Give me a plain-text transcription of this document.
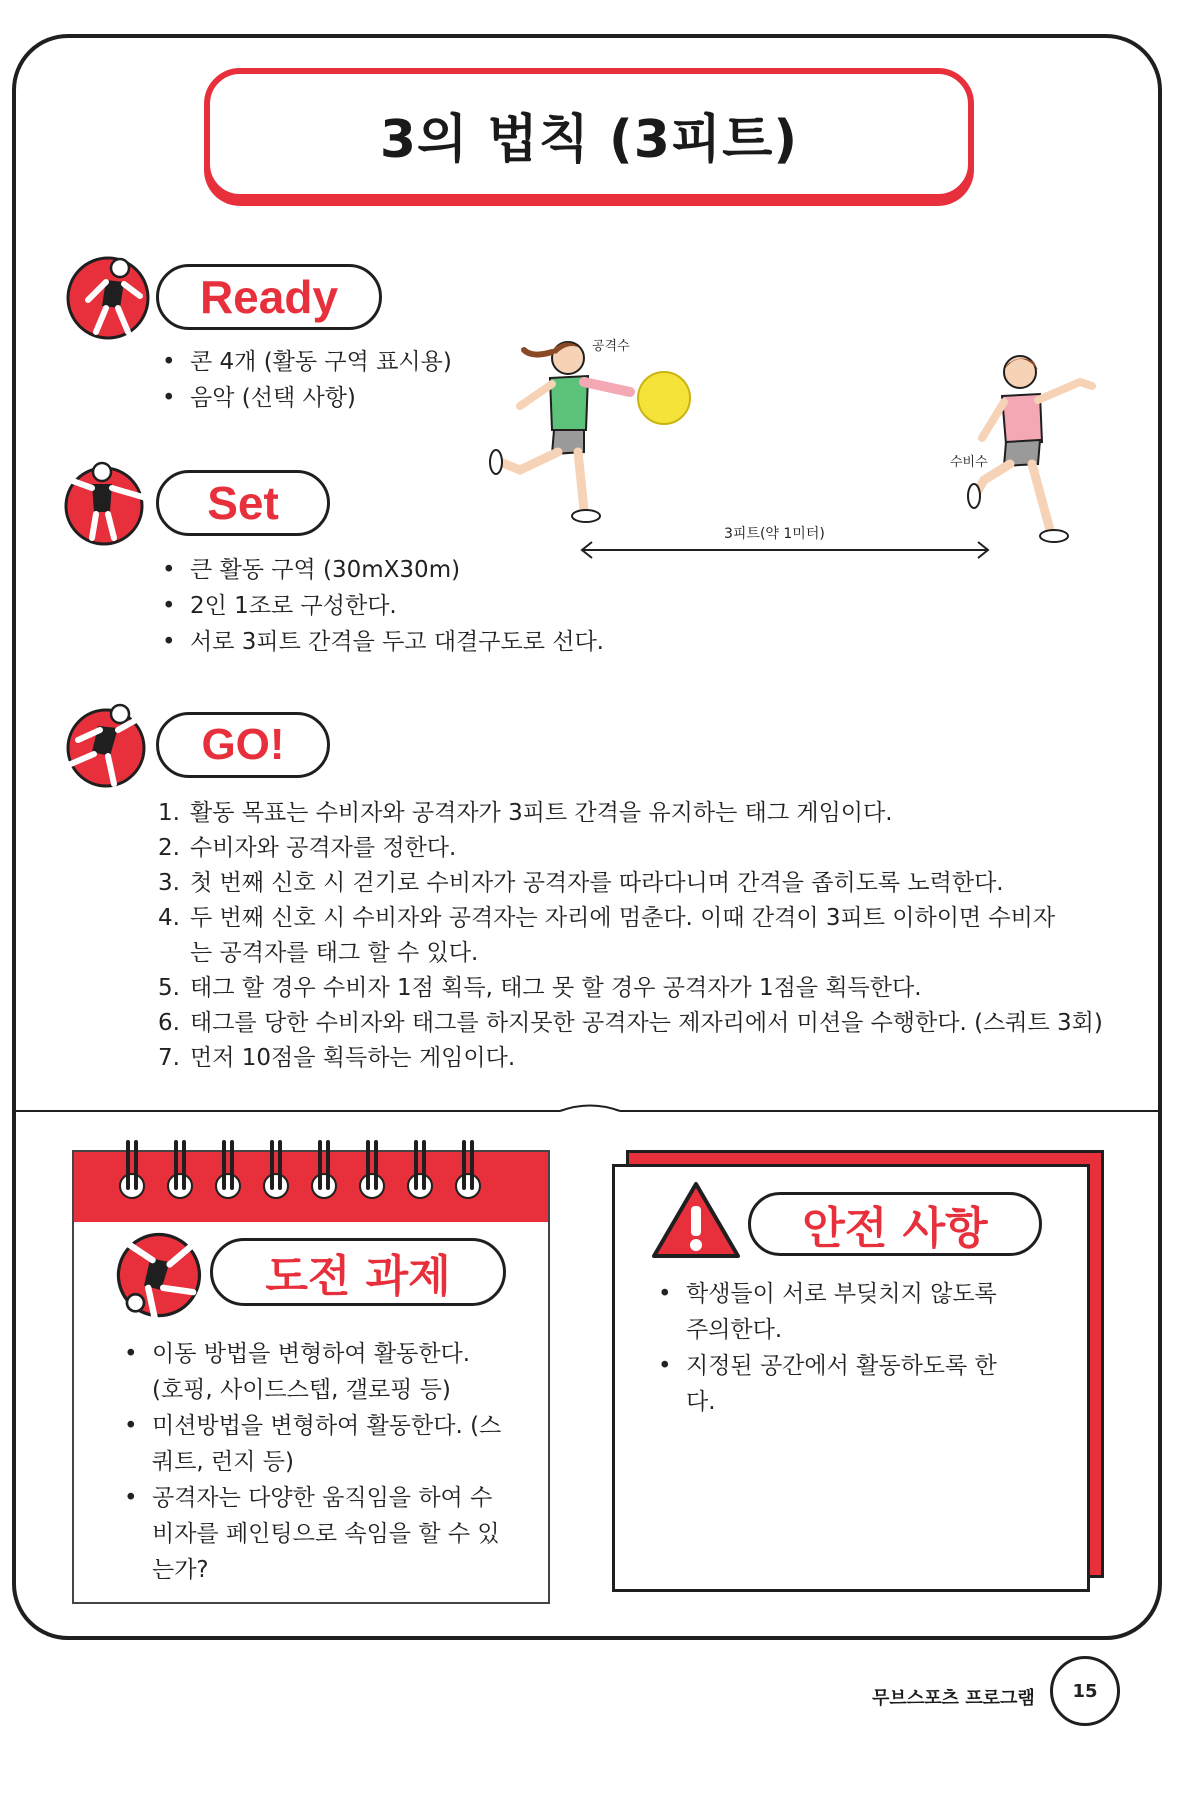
3의 법칙 (3피트)
Ready
• 콘 4개 (활동 구역 표시용)
• 음악 (선택 사항)
Set
• 큰 활동 구역 (30mX30m)
• 2인 1조로 구성한다.
• 서로 3피트 간격을 두고 대결구도로 선다.
공격수
수비수
3피트(약 1미터)
GO!
1. 활동 목표는 수비자와 공격자가 3피트 간격을 유지하는 태그 게임이다.
2. 수비자와 공격자를 정한다.
3. 첫 번째 신호 시 걷기로 수비자가 공격자를 따라다니며 간격을 좁히도록 노력한다.
4. 두 번째 신호 시 수비자와 공격자는 자리에 멈춘다. 이때 간격이 3피트 이하이면 수비자는 공격자를 태그 할 수 있다.
5. 태그 할 경우 수비자 1점 획득, 태그 못 할 경우 공격자가 1점을 획득한다.
6. 태그를 당한 수비자와 태그를 하지못한 공격자는 제자리에서 미션을 수행한다. (스쿼트 3회)
7. 먼저 10점을 획득하는 게임이다.
도전 과제
• 이동 방법을 변형하여 활동한다. (호핑, 사이드스텝, 갤로핑 등)
• 미션방법을 변형하여 활동한다. (스쿼트, 런지 등)
• 공격자는 다양한 움직임을 하여 수비자를 페인팅으로 속임을 할 수 있는가?
안전 사항
• 학생들이 서로 부딪치지 않도록 주의한다.
• 지정된 공간에서 활동하도록 한다.
무브스포츠 프로그램	15
